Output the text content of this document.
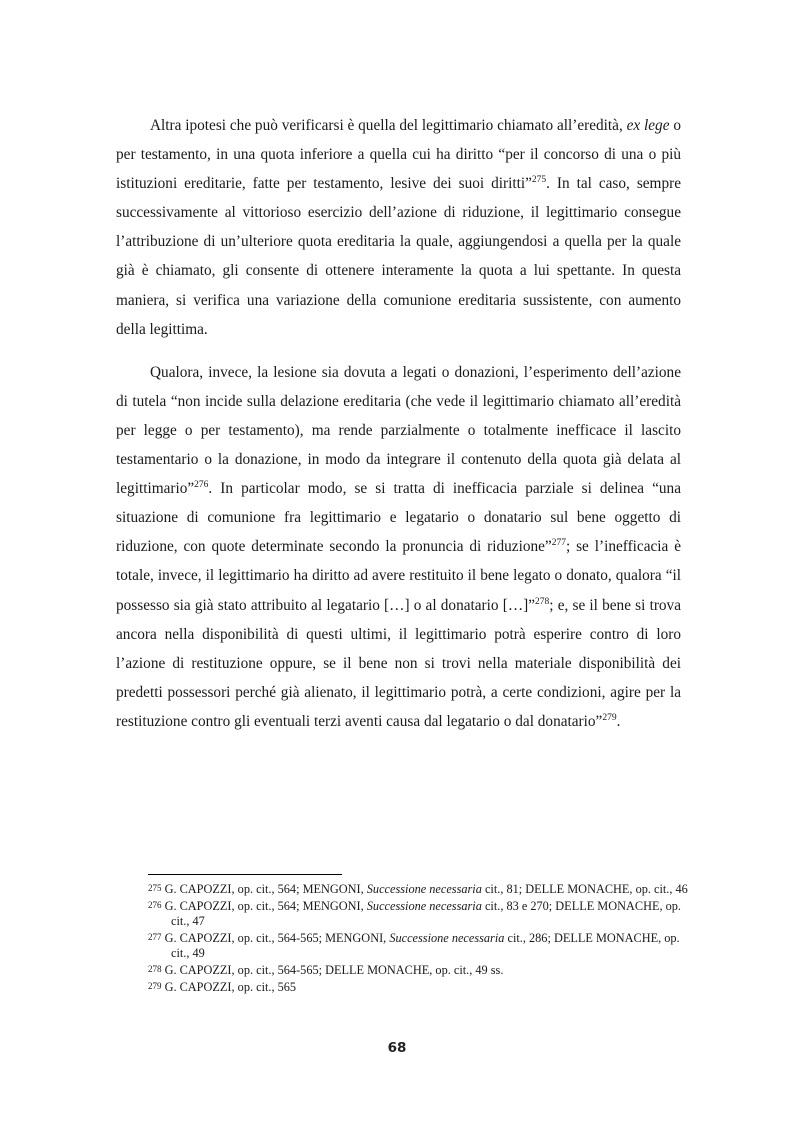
Altra ipotesi che può verificarsi è quella del legittimario chiamato all’eredità, ex lege o per testamento, in una quota inferiore a quella cui ha diritto “per il concorso di una o più istituzioni ereditarie, fatte per testamento, lesive dei suoi diritti”$^{275}$. In tal caso, sempre successivamente al vittorioso esercizio dell’azione di riduzione, il legittimario consegue l’attribuzione di un’ulteriore quota ereditaria la quale, aggiungendosi a quella per la quale già è chiamato, gli consente di ottenere interamente la quota a lui spettante. In questa maniera, si verifica una variazione della comunione ereditaria sussistente, con aumento della legittima.

Qualora, invece, la lesione sia dovuta a legati o donazioni, l’esperimento dell’azione di tutela “non incide sulla delazione ereditaria (che vede il legittimario chiamato all’eredità per legge o per testamento), ma rende parzialmente o totalmente inefficace il lascito testamentario o la donazione, in modo da integrare il contenuto della quota già delata al legittimario”$^{276}$. In particolar modo, se si tratta di inefficacia parziale si delinea “una situazione di comunione fra legittimario e legatario o donatario sul bene oggetto di riduzione, con quote determinate secondo la pronuncia di riduzione”$^{277}$; se l’inefficacia è totale, invece, il legittimario ha diritto ad avere restituito il bene legato o donato, qualora “il possesso sia già stato attribuito al legatario […] o al donatario […]”$^{278}$; e, se il bene si trova ancora nella disponibilità di questi ultimi, il legittimario potrà esperire contro di loro l’azione di restituzione oppure, se il bene non si trovi nella materiale disponibilità dei predetti possessori perché già alienato, il legittimario potrà, a certe condizioni, agire per la restituzione contro gli eventuali terzi aventi causa dal legatario o dal donatario”$^{279}$.

275 G. CAPOZZI, op. cit., 564; MENGONI, Successione necessaria cit., 81; DELLE MONACHE, op. cit., 46

276 G. CAPOZZI, op. cit., 564; MENGONI, Successione necessaria cit., 83 e 270; DELLE MONACHE, op. cit., 47

277 G. CAPOZZI, op. cit., 564-565; MENGONI, Successione necessaria cit., 286; DELLE MONACHE, op. cit., 49

278 G. CAPOZZI, op. cit., 564-565; DELLE MONACHE, op. cit., 49 ss.

279 G. CAPOZZI, op. cit., 565

68
